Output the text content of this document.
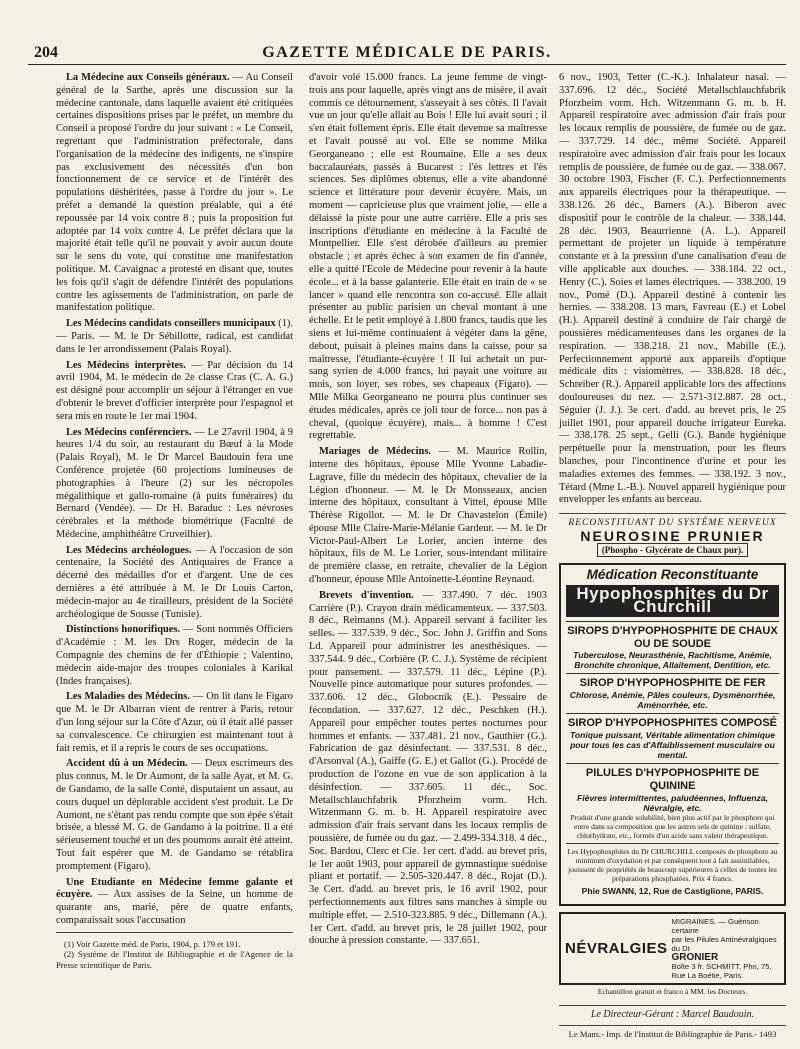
204	GAZETTE MÉDICALE DE PARIS.

La Médecine aux Conseils généraux. — Au Conseil général de la Sarthe, après une discussion sur la médecine cantonale, dans laquelle avaient été critiquées certaines dispositions prises par le préfet, un membre du Conseil a proposé l'ordre du jour suivant : « Le Conseil, regrettant que l'administration préfectorale, dans l'organisation de la médecine des indigents, ne s'inspire pas exclusivement des nécessités d'un bon fonctionnement de ce service et de l'intérêt des populations déshéritées, passe à l'ordre du jour ». Le préfet a demandé la question préalable, qui a été repoussée par 14 voix contre 8 ; puis la proposition fut adoptée par 14 voix contre 4. Le préfet déclara que la majorité était telle qu'il ne pouvait y avoir aucun doute sur le sens du vote, qui constitue une manifestation politique. M. Cavaignac a protesté en disant que, toutes les fois qu'il s'agit de défendre l'intérêt des populations contre les agissements de l'administration, on parle de manifestation politique.

Les Médecins candidats conseillers municipaux (1). — Paris. — M. le Dr Sébillotte, radical, est candidat dans le 1er arrondissement (Palais Royal).

Les Médecins interprètes. — Par décision du 14 avril 1904, M. le médecin de 2e classe Cras (C. A. G.) est désigné pour accomplir un séjour à l'étranger en vue d'obtenir le brevet d'officier interprète pour l'espagnol et sera mis en route le 1er mai 1904.

Les Médecins conférenciers. — Le 27avril 1904, à 9 heures 1/4 du soir, au restaurant du Bœuf à la Mode (Palais Royal), M. le Dr Marcel Baudouin fera une Conférence projetée (60 projections lumineuses de photographies à l'heure (2) sur les nécropoles mégalithique et gallo-romaine (à puits funéraires) du Bernard (Vendée). — Dr H. Baraduc : Les névroses cérébrales et la méthode biométrique (Faculté de Médecine, amphithéâtre Cruveilhier).

Les Médecins archéologues. — A l'occasion de son centenaire, la Société des Antiquaires de France a décerné des médailles d'or et d'argent. Une de ces dernières a été attribuée à M. le Dr Louis Carton, médecin-major au 4e tirailleurs, président de la Société archéologique de Sousse (Tunisie).

Distinctions honorifiques. — Sont nommés Officiers d'Académie : M. les Drs Roger, médecin de la Compagnie des chemins de fer d'Éthiopie ; Valentino, médecin aide-major des troupes coloniales à Karikal (Indes françaises).

Les Maladies des Médecins. — On lit dans le Figaro que M. le Dr Albarran vient de rentrer à Paris, retour d'un long séjour sur la Côte d'Azur, où il était allé passer sa convalescence. Ce chirurgien est maintenant tout à fait remis, et il a repris le cours de ses occupations.

Accident dû à un Médecin. — Deux escrimeurs des plus connus, M. le Dr Aumont, de la salle Ayat, et M. G. de Gandamo, de la salle Conté, disputaient un assaut, au cours duquel un déplorable accident s'est produit. Le Dr Aumont, ne s'étant pas rendu compte que son épée s'était brisée, a blessé M. G. de Gandamo à la poitrine. Il a été sérieusement touché et un des poumons aurait été atteint. Tout fait espérer que M. de Gandamo se rétablira promptement (Figaro).

Une Etudiante en Médecine femme galante et écuyère. — Aux assises de la Seine, un homme de quarante ans, marié, père de quatre enfants, comparaissait sous l'accusation

(1) Voir Gazette méd. de Paris, 1904, p. 179 et 191.
(2) Système de l'Institut de Bibliographie et de l'Agence de la Presse scientifique de Paris.

d'avoir volé 15.000 francs. La jeune femme de vingt-trois ans pour laquelle, après vingt ans de misère, il avait commis ce détournement, s'asseyait à ses côtés. Il l'avait vue un jour qu'elle allait au Bois ! Elle lui avait souri ; il s'en était follement épris. Elle était devenue sa maîtresse et l'avait poussé au vol. Elle se nomme Milka Georganeano ; elle est Roumaine. Elle a ses deux baccalauréats, passés à Bucarest : l'ès lettres et l'ès sciences. Ses diplômes obtenus, elle a vite abandonné science et littérature pour devenir écuyère. Mais, un moment — capricieuse plus que vraiment jolie, — elle a délaissé la piste pour une autre carrière. Elle a pris ses inscriptions d'étudiante en médecine à la Faculté de Montpellier. Elle s'est dérobée d'ailleurs au premier obstacle ; et après échec à son examen de fin d'année, elle a quitté l'Ecole de Médecine pour revenir à la haute école... et à la basse galanterie. Elle était en train de « se lancer » quand elle rencontra son co-accusé. Elle allait présenter au public parisien un cheval montant à une échelle. Et le petit employé à 1.800 francs, taudis que les siens et lui-même continuaient à végéter dans la gêne, debout, puisait à pleines mains dans la caisse, pour sa maîtresse, l'étudiante-écuyère ! Il lui achetait un pur-sang syrien de 4.000 francs, lui payait une voiture au mois, son loyer, ses robes, ses chapeaux (Figaro). — Mlle Milka Georganeano ne pourra plus continuer ses études médicales, après ce joli tour de force... non pas à cheval, (quoique écuyère), mais... à homme ! C'est regrettable.

Mariages de Médecins. — M. Maurice Rollin, interne des hôpitaux, épouse Mlle Yvonne Labadie-Lagrave, fille du médecin des hôpitaux, chevalier de la Légion d'honneur. — M. le Dr Monsseaux, ancien interne des hôpitaux, consultant à Vittel, épouse Mlle Thérèse Rigollot. — M. le Dr Chavastelon (Émile) épouse Mlle Claire-Marie-Mélanie Gardeur. — M. le Dr Victor-Paul-Albert Le Lorier, ancien interne des hôpitaux, fils de M. Le Lorier, sous-intendant militaire de première classe, en retraite, chevalier de la Légion d'honneur, épouse Mlle Antoinette-Léontine Reynaud.

Brevets d'invention. — 337.490. 7 déc. 1903 Carrière (P.). Crayon drain médicamenteux. — 337.503. 8 déc., Reimanns (M.). Appareil servant à faciliter les selles. — 337.539. 9 déc., Soc. John J. Griffin and Sons Ld. Appareil pour administrer les anesthésiques. — 337.544. 9 déc., Corbière (P. C. J.). Système de récipient pour pansement. — 337.579. 11 déc., Lépine (P.). Nouvelle pince automatique pour sutures profondes. — 337.606. 12 déc., Globocnik (E.). Pessaire de fécondation. — 337.627. 12 déc., Peschken (H.). Appareil pour empêcher toutes pertes nocturnes pour hommes et enfants. — 337.481. 21 nov., Gauthier (G.). Fabrication de gaz désinfectant. — 337.531. 8 déc., d'Arsonval (A.), Gaiffe (G. E.) et Gallot (G.). Procédé de production de l'ozone en vue de son application à la désinfection. — 337.605. 11 déc., Soc. Metallschlauchfabrik Pforzheim vorm. Hch. Witzenmann G. m. b. H. Appareil respiratoire avec admission d'air frais servant dans les locaux remplis de poussière, de fumée ou du gaz. — 2.499-334.318. 4 déc., Soc. Bardou, Clerc et Cie. 1er cert. d'add. au brevet pris, le 1er août 1903, pour appareil de gymnastique suédoise pliant et portatif. — 2.505-320.447. 8 déc., Rojat (D.). 3e Cert. d'add. au brevet pris, le 16 avril 1902, pour perfectionnements aux filtres sans manches à simple ou multiple effet. — 2.510-323.885. 9 déc., Dillemann (A.). 1er Cert. d'add. au brevet pris, le 28 juillet 1902, pour douche à pression constante. — 337.651.

6 nov., 1903, Tetter (C.-K.). Inhalateur nasal. — 337.696. 12 déc., Société Metallschlauchfabrik Pforzheim vorm. Hch. Witzenmann G. m. b. H. Appareil respiratoire avec admission d'air frais pour les locaux remplis de poussière, de fumée ou de gaz. — 337.729. 14 déc., même Société. Appareil respiratoire avec admission d'air frais pour les locaux remplis de poussière, de fumée ou de gaz. — 338.067. 30 octobre 1903, Fischer (F. C.). Perfectionnements aux appareils électriques pour la thérapeutique. — 338.126. 26 déc., Bamers (A.). Biberon avec dispositif pour le contrôle de la chaleur. — 338.144. 28 déc. 1903, Beaurrienne (A. L.). Appareil permettant de projeter un liquide à température constante et à la pression d'une canalisation d'eau de ville applicable aux douches. — 338.184. 22 oct., Henry (C.). Soies et lames électriques. — 338.200. 19 nov., Pomé (D.). Appareil destiné à contenir les hernies. — 338.208. 13 mars, Favreau (E.) et Lobel (H.). Appareil destiné à conduire de l'air chargé de poussières médicamenteuses dans les organes de la respiration. — 338.218. 21 nov., Mabille (E.). Perfectionnement apporté aux appareils d'optique médicale dits : visiomètres. — 338.828. 18 déc., Schreiber (R.). Appareil applicable lors des affections douloureuses du nez. — 2.571-312.887. 28 oct., Séguier (J. J.). 3e cert. d'add. au brevet pris, le 25 juillet 1901, pour appareil douche irrigateur Eureka. — 338.178. 25 sept., Gelli (G.). Bande hygiénique perpétuelle pour la menstruation, pour les fleurs blanches, pour l'incontinence d'urine et pour les maladies externes des femmes. — 338.192. 3 nov., Tétard (Mme L.-B.). Nouvel appareil hygiénique pour envelopper les enfants au berceau.

RECONSTITUANT DU SYSTÈME NERVEUX
NEUROSINE PRUNIER
(Phospho - Glycérate de Chaux pur).
Médication Reconstituante
Hypophosphites du Dr Churchill
SIROPS D'HYPOPHOSPHITE DE CHAUX OU DE SOUDE
Tuberculose, Neurasthénie, Rachitisme, Anémie, Bronchite chronique, Allaitement, Dentition, etc.
SIROP D'HYPOPHOSPHITE DE FER
Chlorose, Anémie, Pâles couleurs, Dysménorrhée, Aménorrhée, etc.
SIROP D'HYPOPHOSPHITES COMPOSÉ
Tonique puissant, Véritable alimentation chimique pour tous les cas d'Affaiblissement musculaire ou mental.
PILULES D'HYPOPHOSPHITE DE QUININE
Fièvres intermittentes, paludéennes, Influenza, Névralgie, etc.
Produit d'une grande solubilité, bien plus actif par le phosphore qui entre dans sa composition que les autres sels de quinine : sulfate, chlorhydrate, etc., formés d'un acide sans valeur thérapeutique.
Les Hypophosphites du Dr CHURCHILL composés de phosphore au minimum d'oxydation et par conséquent tout à fait assimilables, jouissent de propriétés de beaucoup supérieures à celles de toutes les préparations phosphatées. Prix 4 francs.
Phie SWANN, 12, Rue de Castiglione, PARIS.
NÉVRALGIES
MIGRAINES. — Guérison certaine
par les Pilules Antinévralgiques du Dr
GRONIER
Boîte 3 fr. SCHMITT, Phn, 75, Rue La Boétie, Paris.
Echantillon gratuit et franco à MM. les Docteurs.
Le Directeur-Gérant : Marcel Baudouin.
Le Mans.- Imp. de l'Institut de Bibliographie de Paris.- 1493
